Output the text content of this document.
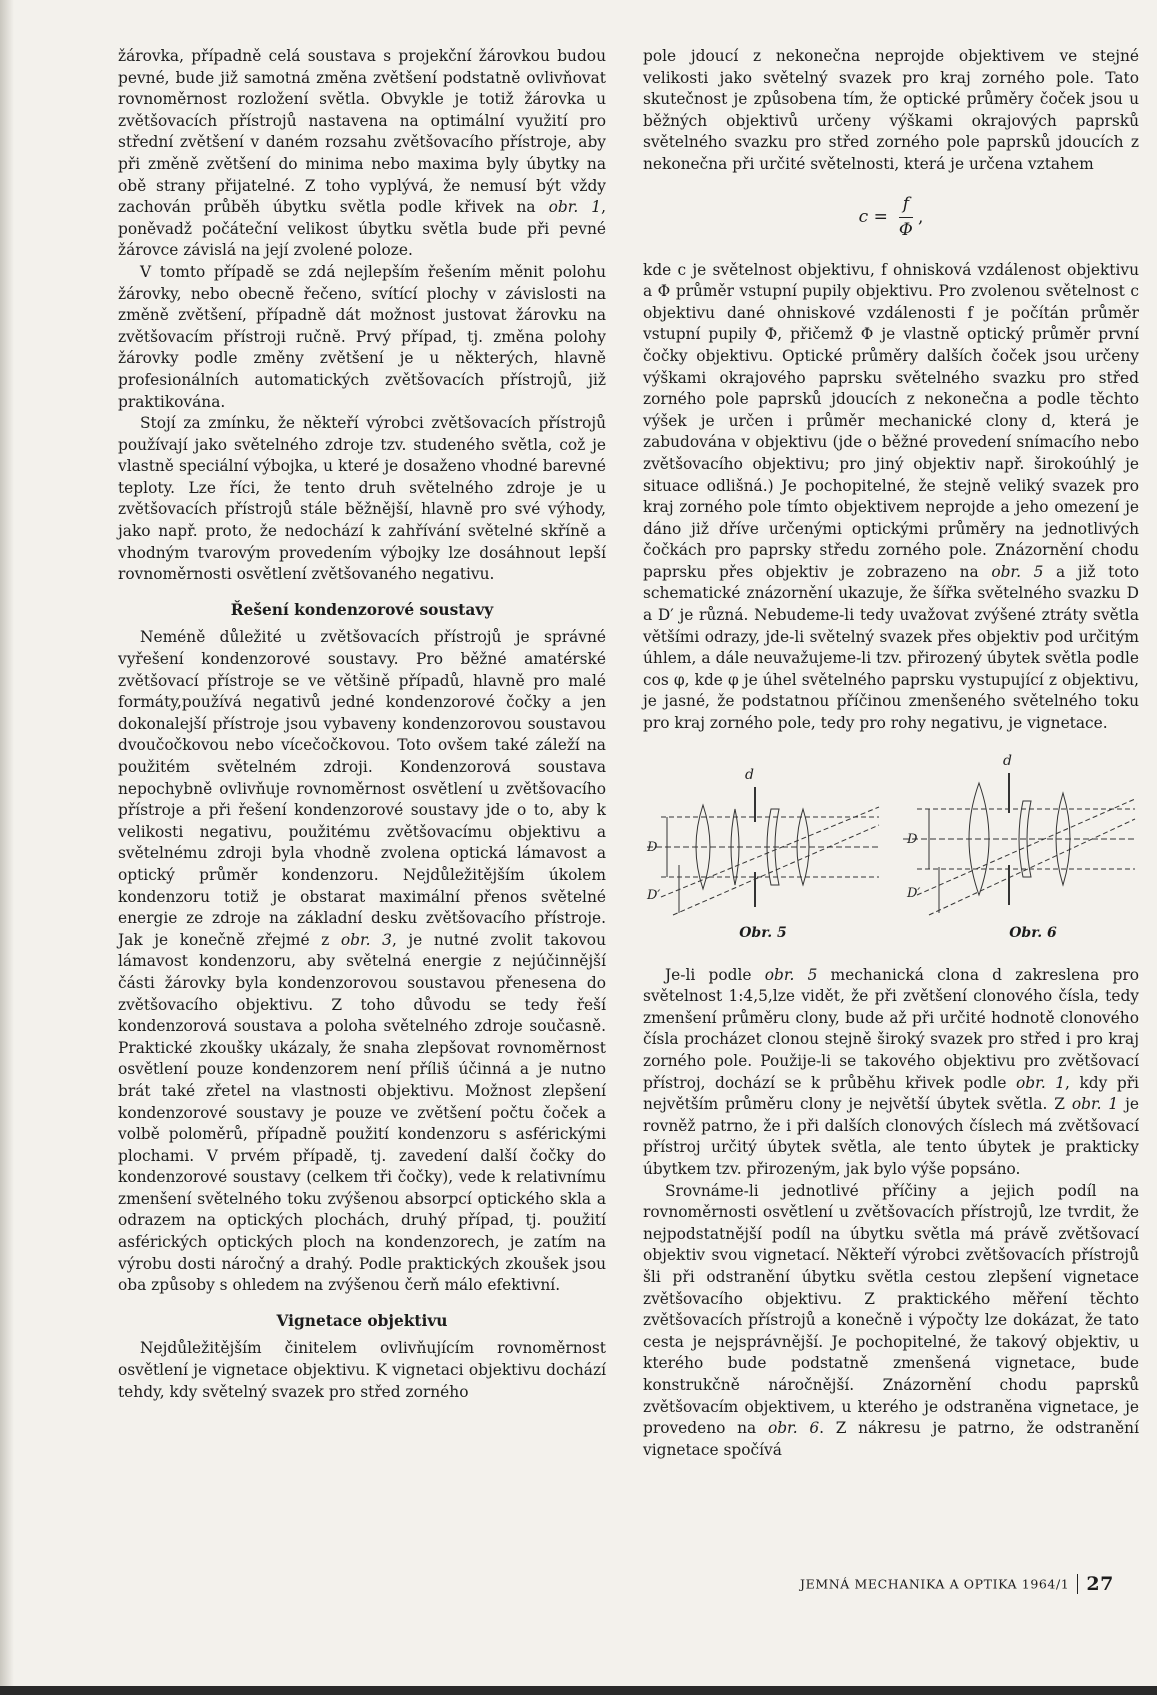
žárovka, případně celá soustava s projekční žárovkou budou pevné, bude již samotná změna zvětšení podstatně ovlivňovat rovnoměrnost rozložení světla. Obvykle je totiž žárovka u zvětšovacích přístrojů nastavena na optimální využití pro střední zvětšení v daném rozsahu zvětšovacího přístroje, aby při změně zvětšení do minima nebo maxima byly úbytky na obě strany přijatelné. Z toho vyplývá, že nemusí být vždy zachován průběh úbytku světla podle křivek na obr. 1, poněvadž počáteční velikost úbytku světla bude při pevné žárovce závislá na její zvolené poloze.

V tomto případě se zdá nejlepším řešením měnit polohu žárovky, nebo obecně řečeno, svítící plochy v závislosti na změně zvětšení, případně dát možnost justovat žárovku na zvětšovacím přístroji ručně. Prvý případ, tj. změna polohy žárovky podle změny zvětšení je u některých, hlavně profesionálních automatických zvětšovacích přístrojů, již praktikována.

Stojí za zmínku, že někteří výrobci zvětšovacích přístrojů používají jako světelného zdroje tzv. studeného světla, což je vlastně speciální výbojka, u které je dosaženo vhodné barevné teploty. Lze říci, že tento druh světelného zdroje je u zvětšovacích přístrojů stále běžnější, hlavně pro své výhody, jako např. proto, že nedochází k zahřívání světelné skříně a vhodným tvarovým provedením výbojky lze dosáhnout lepší rovnoměrnosti osvětlení zvětšovaného negativu.

Řešení kondenzorové soustavy

Neméně důležité u zvětšovacích přístrojů je správné vyřešení kondenzorové soustavy. Pro běžné amatérské zvětšovací přístroje se ve většině případů, hlavně pro malé formáty,používá negativů jedné kondenzorové čočky a jen dokonalejší přístroje jsou vybaveny kondenzorovou soustavou dvoučočkovou nebo vícečočkovou. Toto ovšem také záleží na použitém světelném zdroji. Kondenzorová soustava nepochybně ovlivňuje rovnoměrnost osvětlení u zvětšovacího přístroje a při řešení kondenzorové soustavy jde o to, aby k velikosti negativu, použitému zvětšovacímu objektivu a světelnému zdroji byla vhodně zvolena optická lámavost a optický průměr kondenzoru. Nejdůležitějším úkolem kondenzoru totiž je obstarat maximální přenos světelné energie ze zdroje na základní desku zvětšovacího přístroje. Jak je konečně zřejmé z obr. 3, je nutné zvolit takovou lámavost kondenzoru, aby světelná energie z nejúčinnější části žárovky byla kondenzorovou soustavou přenesena do zvětšovacího objektivu. Z toho důvodu se tedy řeší kondenzorová soustava a poloha světelného zdroje současně. Praktické zkoušky ukázaly, že snaha zlepšovat rovnoměrnost osvětlení pouze kondenzorem není příliš účinná a je nutno brát také zřetel na vlastnosti objektivu. Možnost zlepšení kondenzorové soustavy je pouze ve zvětšení počtu čoček a volbě poloměrů, případně použití kondenzoru s asférickými plochami. V prvém případě, tj. zavedení další čočky do kondenzorové soustavy (celkem tři čočky), vede k relativnímu zmenšení světelného toku zvýšenou absorpcí optického skla a odrazem na optických plochách, druhý případ, tj. použití asférických optických ploch na kondenzorech, je zatím na výrobu dosti náročný a drahý. Podle praktických zkoušek jsou oba způsoby s ohledem na zvýšenou čerň málo efektivní.

Vignetace objektivu

Nejdůležitějším činitelem ovlivňujícím rovnoměrnost osvětlení je vignetace objektivu. K vignetaci objektivu dochází tehdy, kdy světelný svazek pro střed zorného

pole jdoucí z nekonečna neprojde objektivem ve stejné velikosti jako světelný svazek pro kraj zorného pole. Tato skutečnost je způsobena tím, že optické průměry čoček jsou u běžných objektivů určeny výškami okrajových paprsků světelného svazku pro střed zorného pole paprsků jdoucích z nekonečna při určité světelnosti, která je určena vztahem

$c = \frac{f}{\Phi}$ ,

kde c je světelnost objektivu, f ohnisková vzdálenost objektivu a Φ průměr vstupní pupily objektivu. Pro zvolenou světelnost c objektivu dané ohniskové vzdálenosti f je počítán průměr vstupní pupily Φ, přičemž Φ je vlastně optický průměr první čočky objektivu. Optické průměry dalších čoček jsou určeny výškami okrajového paprsku světelného svazku pro střed zorného pole paprsků jdoucích z nekonečna a podle těchto výšek je určen i průměr mechanické clony d, která je zabudována v objektivu (jde o běžné provedení snímacího nebo zvětšovacího objektivu; pro jiný objektiv např. širokoúhlý je situace odlišná.) Je pochopitelné, že stejně veliký svazek pro kraj zorného pole tímto objektivem neprojde a jeho omezení je dáno již dříve určenými optickými průměry na jednotlivých čočkách pro paprsky středu zorného pole. Znázornění chodu paprsku přes objektiv je zobrazeno na obr. 5 a již toto schematické znázornění ukazuje, že šířka světelného svazku D a D′ je různá. Nebudeme-li tedy uvažovat zvýšené ztráty světla většími odrazy, jde-li světelný svazek přes objektiv pod určitým úhlem, a dále neuvažujeme-li tzv. přirozený úbytek světla podle cos φ, kde φ je úhel světelného paprsku vystupující z objektivu, je jasné, že podstatnou příčinou zmenšeného světelného toku pro kraj zorného pole, tedy pro rohy negativu, je vignetace.

d
D
D′
Obr. 5
d
D
D′
Obr. 6

Je-li podle obr. 5 mechanická clona d zakreslena pro světelnost 1:4,5,lze vidět, že při zvětšení clonového čísla, tedy zmenšení průměru clony, bude až při určité hodnotě clonového čísla procházet clonou stejně široký svazek pro střed i pro kraj zorného pole. Použije-li se takového objektivu pro zvětšovací přístroj, dochází se k průběhu křivek podle obr. 1, kdy při největším průměru clony je největší úbytek světla. Z obr. 1 je rovněž patrno, že i při dalších clonových číslech má zvětšovací přístroj určitý úbytek světla, ale tento úbytek je prakticky úbytkem tzv. přirozeným, jak bylo výše popsáno.

Srovnáme-li jednotlivé příčiny a jejich podíl na rovnoměrnosti osvětlení u zvětšovacích přístrojů, lze tvrdit, že nejpodstatnější podíl na úbytku světla má právě zvětšovací objektiv svou vignetací. Někteří výrobci zvětšovacích přístrojů šli při odstranění úbytku světla cestou zlepšení vignetace zvětšovacího objektivu. Z praktického měření těchto zvětšovacích přístrojů a konečně i výpočty lze dokázat, že tato cesta je nejsprávnější. Je pochopitelné, že takový objektiv, u kterého bude podstatně zmenšená vignetace, bude konstrukčně náročnější. Znázornění chodu paprsků zvětšovacím objektivem, u kterého je odstraněna vignetace, je provedeno na obr. 6. Z nákresu je patrno, že odstranění vignetace spočívá

JEMNÁ MECHANIKA A OPTIKA 1964/1 27
